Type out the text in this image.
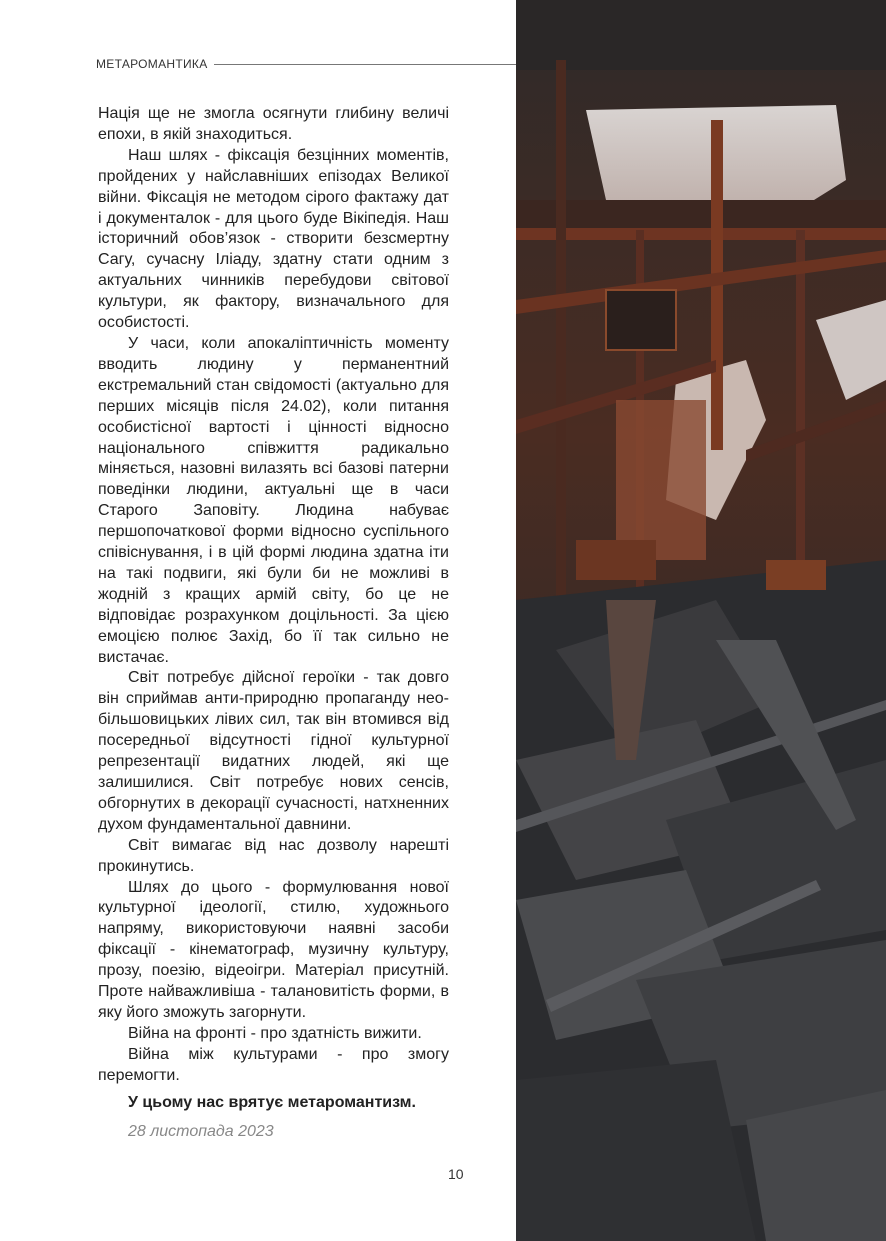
МЕТАРОМАНТИКА

Нація ще не змогла осягнути глибину величі епохи, в якій знаходиться.

Наш шлях - фіксація безцінних моментів, пройдених у найславніших епізодах Великої війни. Фіксація не методом сірого фактажу дат і документалок - для цього буде Вікіпедія. Наш історичний обов’язок - створити безсмертну Сагу, сучасну Іліаду, здатну стати одним з актуальних чинників перебудови світової культури, як фактору, визначального для особистості.

У часи, коли апокаліптичність моменту вводить людину у перманентний екстремальний стан свідомості (актуально для перших місяців після 24.02), коли питання особистісної вартості і цінності відносно національного співжиття радикально міняється, назовні вилазять всі базові патерни поведінки людини, актуальні ще в часи Старого Заповіту. Людина набуває першопочаткової форми відносно суспільного співіснування, і в цій формі людина здатна іти на такі подвиги, які були би не можливі в жодній з кращих армій світу, бо це не відповідає розрахунком доцільності. За цією емоцією полює Захід, бо її так сильно не вистачає.

Світ потребує дійсної героїки - так довго він сприймав анти-природню пропаганду нео-більшовицьких лівих сил, так він втомився від посередньої відсутності гідної культурної репрезентації видатних людей, які ще залишилися. Світ потребує нових сенсів, обгорнутих в декорації сучасності, натхненних духом фундаментальної давнини.

Світ вимагає від нас дозволу нарешті прокинутись.

Шлях до цього - формулювання нової культурної ідеології, стилю, художнього напряму, використовуючи наявні засоби фіксації - кінематограф, музичну культуру, прозу, поезію, відеоігри. Матеріал присутній. Проте найважливіша - талановитість форми, в яку його зможуть загорнути.

Війна на фронті - про здатність вижити.

Війна між культурами - про змогу перемогти.

У цьому нас врятує метаромантизм.

28 листопада 2023

10
